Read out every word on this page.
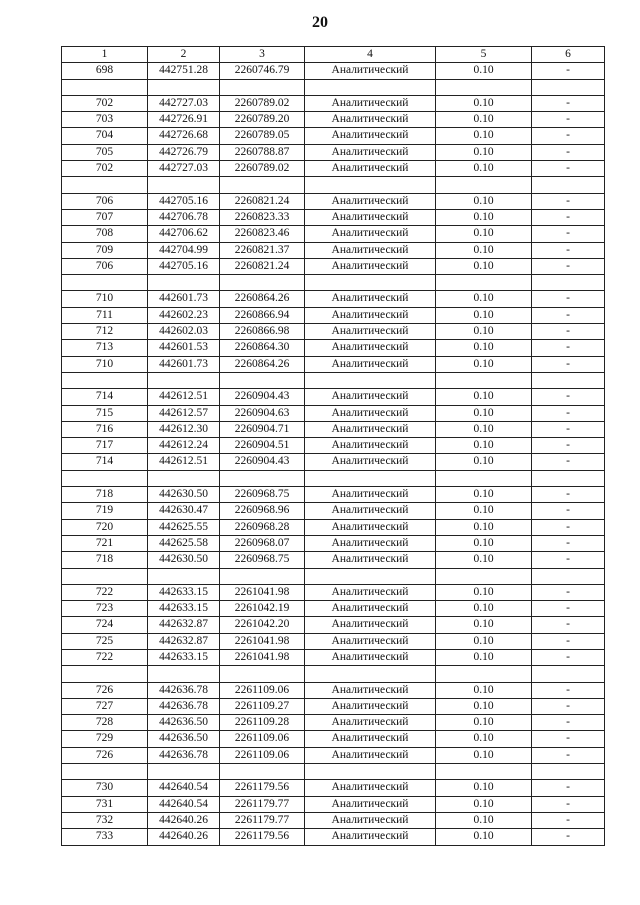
20
1	2	3	4	5	6
698	442751.28	2260746.79	Аналитический	0.10	-

702	442727.03	2260789.02	Аналитический	0.10	-
703	442726.91	2260789.20	Аналитический	0.10	-
704	442726.68	2260789.05	Аналитический	0.10	-
705	442726.79	2260788.87	Аналитический	0.10	-
702	442727.03	2260789.02	Аналитический	0.10	-

706	442705.16	2260821.24	Аналитический	0.10	-
707	442706.78	2260823.33	Аналитический	0.10	-
708	442706.62	2260823.46	Аналитический	0.10	-
709	442704.99	2260821.37	Аналитический	0.10	-
706	442705.16	2260821.24	Аналитический	0.10	-

710	442601.73	2260864.26	Аналитический	0.10	-
711	442602.23	2260866.94	Аналитический	0.10	-
712	442602.03	2260866.98	Аналитический	0.10	-
713	442601.53	2260864.30	Аналитический	0.10	-
710	442601.73	2260864.26	Аналитический	0.10	-

714	442612.51	2260904.43	Аналитический	0.10	-
715	442612.57	2260904.63	Аналитический	0.10	-
716	442612.30	2260904.71	Аналитический	0.10	-
717	442612.24	2260904.51	Аналитический	0.10	-
714	442612.51	2260904.43	Аналитический	0.10	-

718	442630.50	2260968.75	Аналитический	0.10	-
719	442630.47	2260968.96	Аналитический	0.10	-
720	442625.55	2260968.28	Аналитический	0.10	-
721	442625.58	2260968.07	Аналитический	0.10	-
718	442630.50	2260968.75	Аналитический	0.10	-

722	442633.15	2261041.98	Аналитический	0.10	-
723	442633.15	2261042.19	Аналитический	0.10	-
724	442632.87	2261042.20	Аналитический	0.10	-
725	442632.87	2261041.98	Аналитический	0.10	-
722	442633.15	2261041.98	Аналитический	0.10	-

726	442636.78	2261109.06	Аналитический	0.10	-
727	442636.78	2261109.27	Аналитический	0.10	-
728	442636.50	2261109.28	Аналитический	0.10	-
729	442636.50	2261109.06	Аналитический	0.10	-
726	442636.78	2261109.06	Аналитический	0.10	-

730	442640.54	2261179.56	Аналитический	0.10	-
731	442640.54	2261179.77	Аналитический	0.10	-
732	442640.26	2261179.77	Аналитический	0.10	-
733	442640.26	2261179.56	Аналитический	0.10	-
